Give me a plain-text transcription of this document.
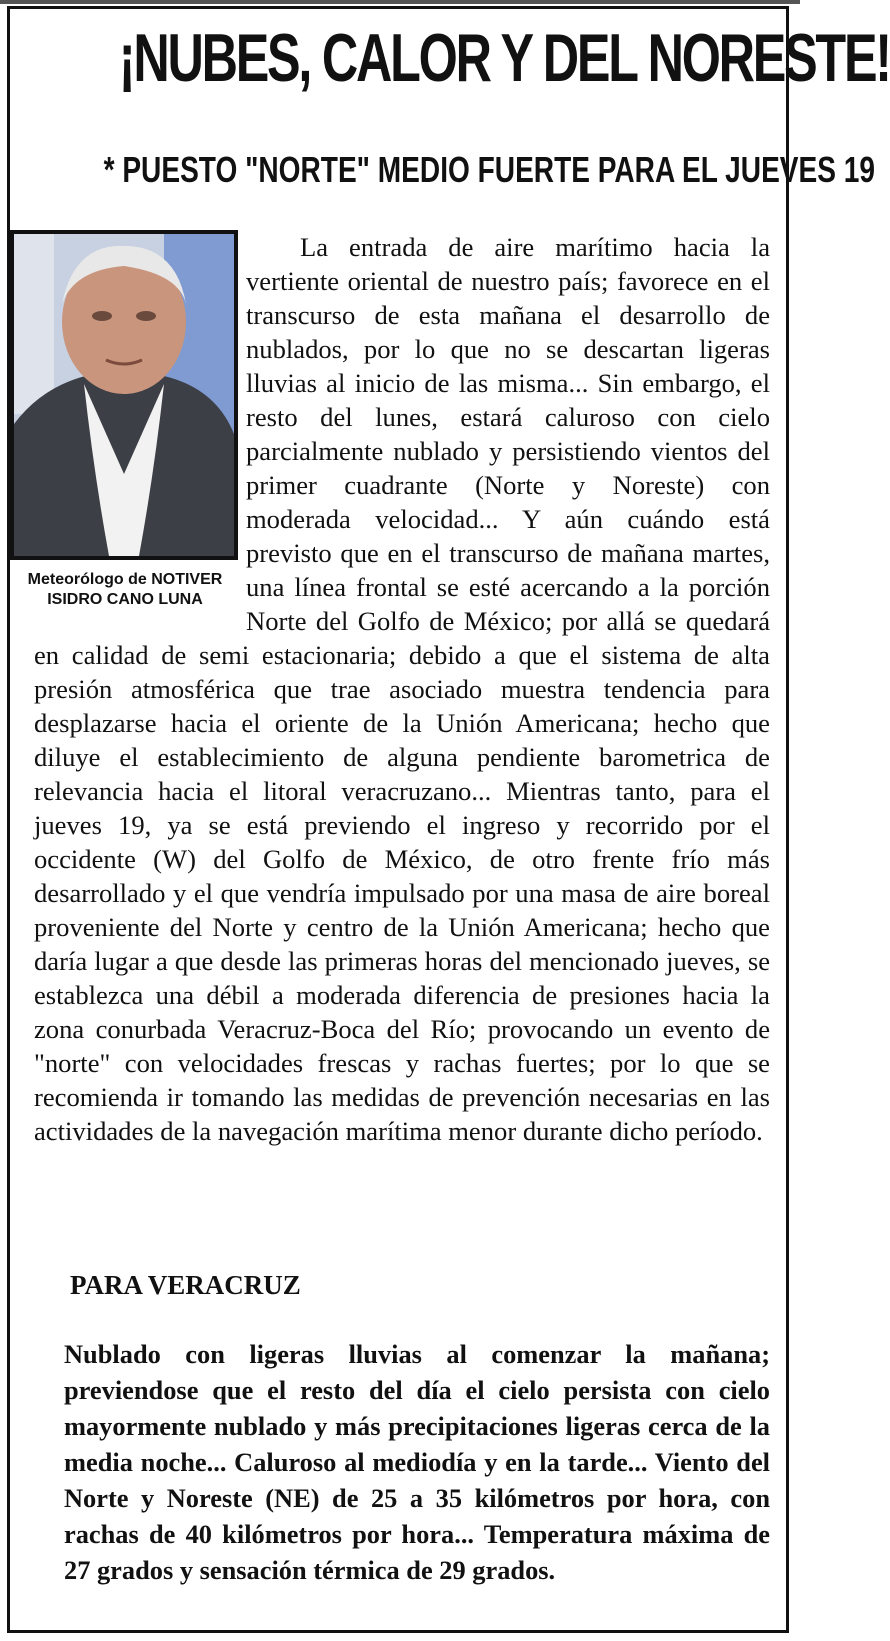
¡NUBES, CALOR Y DEL NORESTE!
* PUESTO "NORTE" MEDIO FUERTE PARA EL JUEVES 19
Meteorólogo de NOTIVER
ISIDRO CANO LUNA

La entrada de aire marítimo hacia la vertiente oriental de nuestro país; favorece en el transcurso de esta mañana el desarrollo de nublados, por lo que no se descartan ligeras lluvias al inicio de las misma... Sin embargo, el resto del lunes, estará caluroso con cielo parcialmente nublado y persistiendo vientos del primer cuadrante (Norte y Noreste) con moderada velocidad... Y aún cuándo está previsto que en el transcurso de mañana martes, una línea frontal se esté acercando a la porción Norte del Golfo de México; por allá se quedará en calidad de semi estacionaria; debido a que el sistema de alta presión atmosférica que trae asociado muestra tendencia para desplazarse hacia el oriente de la Unión Americana; hecho que diluye el establecimiento de alguna pendiente barometrica de relevancia hacia el litoral veracruzano... Mientras tanto, para el jueves 19, ya se está previendo el ingreso y recorrido por el occidente (W) del Golfo de México, de otro frente frío más desarrollado y el que vendría impulsado por una masa de aire boreal proveniente del Norte y centro de la Unión Americana; hecho que daría lugar a que desde las primeras horas del mencionado jueves, se establezca una débil a moderada diferencia de presiones hacia la zona conurbada Veracruz-Boca del Río; provocando un evento de "norte" con velocidades frescas y rachas fuertes; por lo que se recomienda ir tomando las medidas de prevención necesarias en las actividades de la navegación marítima menor durante dicho período.

PARA VERACRUZ

Nublado con ligeras lluvias al comenzar la mañana; previendose que el resto del día el cielo persista con cielo mayormente nublado y más precipitaciones ligeras cerca de la media noche... Caluroso al mediodía y en la tarde... Viento del Norte y Noreste (NE) de 25 a 35 kilómetros por hora, con rachas de 40 kilómetros por hora... Temperatura máxima de 27 grados y sensación térmica de 29 grados.
